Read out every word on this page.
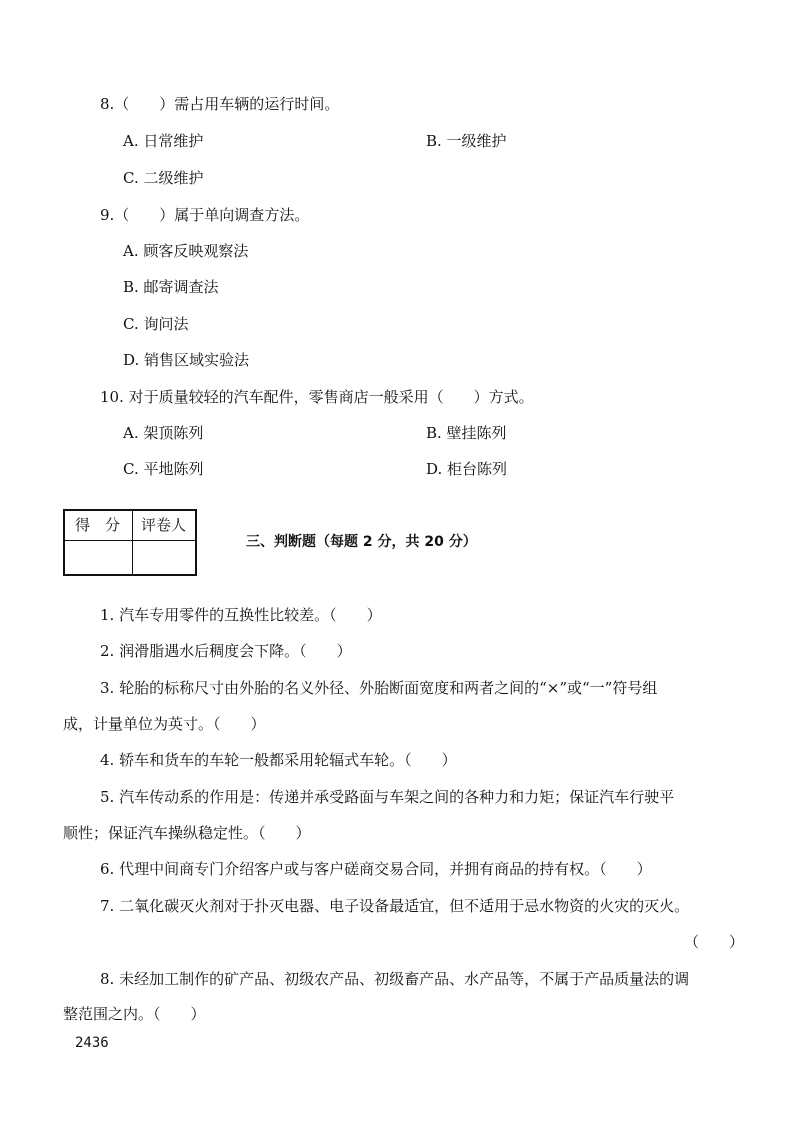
8.（　　）需占用车辆的运行时间。
A. 日常维护	B. 一级维护
C. 二级维护
9.（　　）属于单向调查方法。
A. 顾客反映观察法
B. 邮寄调查法
C. 询问法
D. 销售区域实验法
10. 对于质量较轻的汽车配件，零售商店一般采用（　　）方式。
A. 架顶陈列	B. 壁挂陈列
C. 平地陈列	D. 柜台陈列
得　分 评卷人
三、判断题（每题 2 分，共 20 分）
1. 汽车专用零件的互换性比较差。（　　）
2. 润滑脂遇水后稠度会下降。（　　）
3. 轮胎的标称尺寸由外胎的名义外径、外胎断面宽度和两者之间的“×”或“一”符号组
成，计量单位为英寸。（　　）
4. 轿车和货车的车轮一般都采用轮辐式车轮。（　　）
5. 汽车传动系的作用是：传递并承受路面与车架之间的各种力和力矩；保证汽车行驶平
顺性；保证汽车操纵稳定性。（　　）
6. 代理中间商专门介绍客户或与客户磋商交易合同，并拥有商品的持有权。（　　）
7. 二氧化碳灭火剂对于扑灭电器、电子设备最适宜，但不适用于忌水物资的火灾的灭火。
（　　）
8. 未经加工制作的矿产品、初级农产品、初级畜产品、水产品等，不属于产品质量法的调
整范围之内。（　　）
2436
